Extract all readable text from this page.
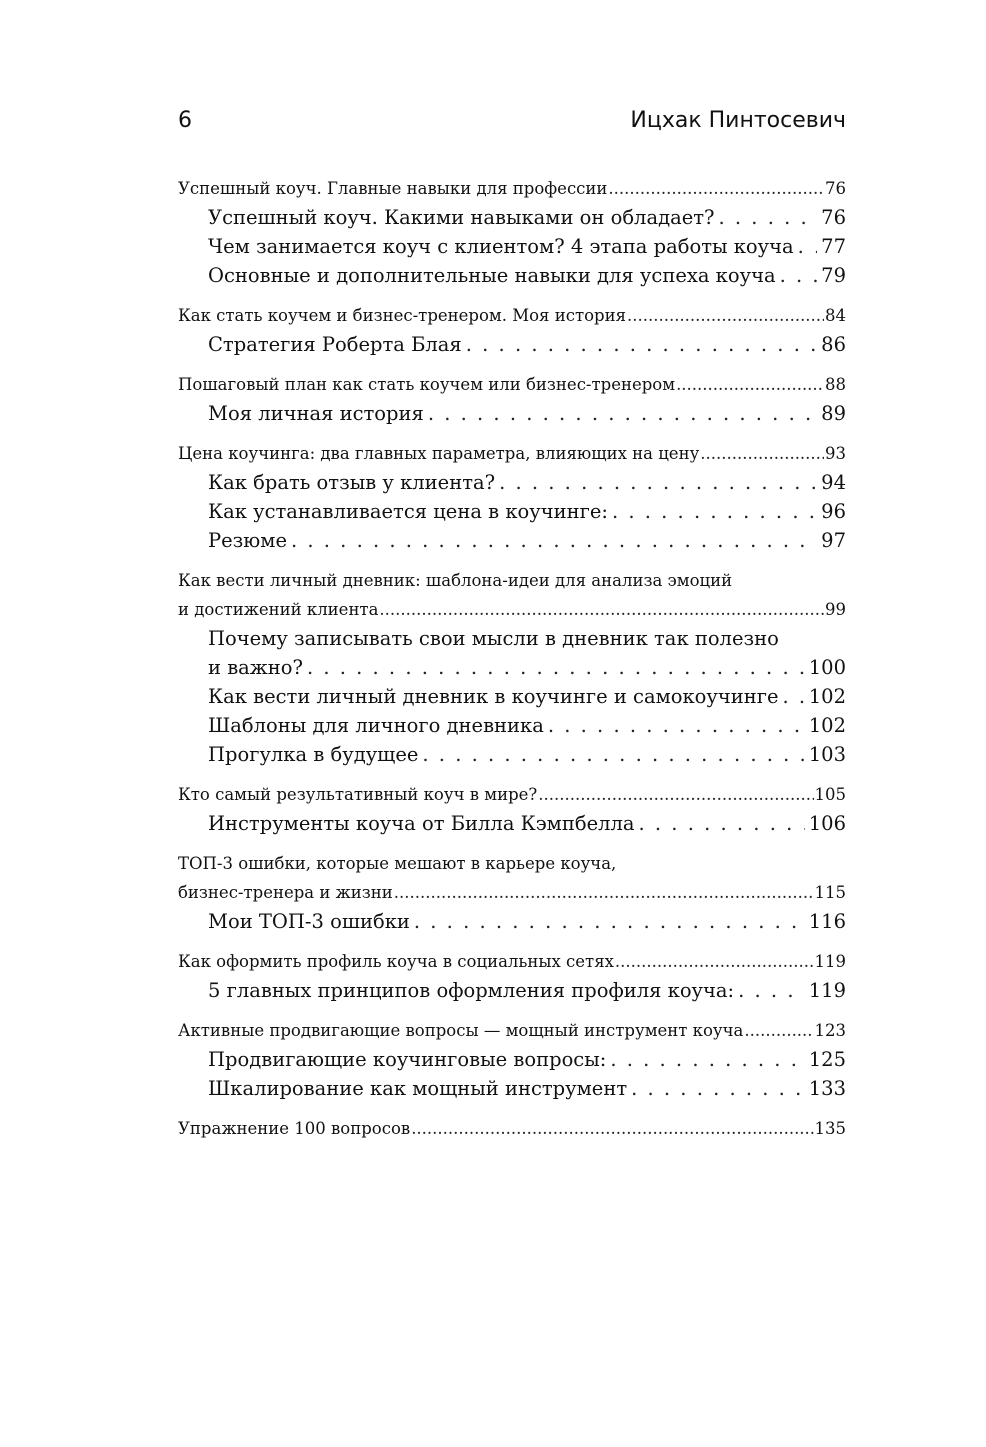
6	Ицхак Пинтосевич
Успешный коуч. Главные навыки для профессии .....	76
Успешный коуч. Какими навыками он обладает? . . .	76
Чем занимается коуч с клиентом? 4 этапа работы коуча . . . 77
Основные и дополнительные навыки для успеха коуча . . . 79
Как стать коучем и бизнес-тренером. Моя история .....	84
Стратегия Роберта Блая . . .	86
Пошаговый план как стать коучем или бизнес-тренером .....	88
Моя личная история . . .	89
Цена коучинга: два главных параметра, влияющих на цену .....	93
Как брать отзыв у клиента? . . .	94
Как устанавливается цена в коучинге: . . .	96
Резюме . . .	97
Как вести личный дневник: шаблона-идеи для анализа эмоций
и достижений клиента .....	99
Почему записывать свои мысли в дневник так полезно
и важно? . . .	100
Как вести личный дневник в коучинге и самокоучинге . . . 102
Шаблоны для личного дневника . . .	102
Прогулка в будущее . . .	103
Кто самый результативный коуч в мире? .....	105
Инструменты коуча от Билла Кэмпбелла . . .	106
ТОП-3 ошибки, которые мешают в карьере коуча,
бизнес-тренера и жизни .....	115
Мои ТОП-3 ошибки . . .	116
Как оформить профиль коуча в социальных сетях .....	119
5 главных принципов оформления профиля коуча: . . .	119
Активные продвигающие вопросы — мощный инструмент коуча .....	123
Продвигающие коучинговые вопросы: . . .	125
Шкалирование как мощный инструмент . . .	133
Упражнение 100 вопросов .....	135
